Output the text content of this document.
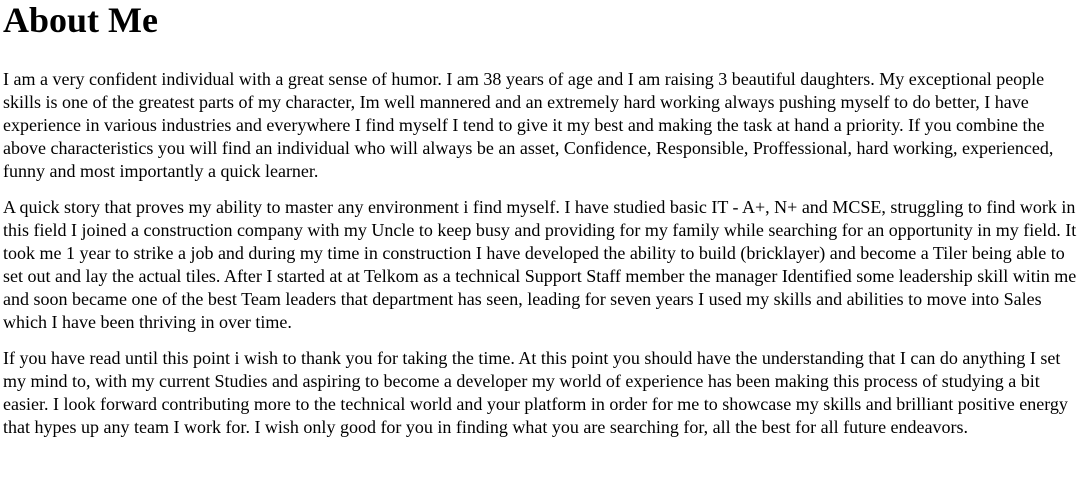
About Me

I am a very confident individual with a great sense of humor. I am 38 years of age and I am raising 3 beautiful daughters. My exceptional people skills is one of the greatest parts of my character, Im well mannered and an extremely hard working always pushing myself to do better, I have experience in various industries and everywhere I find myself I tend to give it my best and making the task at hand a priority. If you combine the above characteristics you will find an individual who will always be an asset, Confidence, Responsible, Proffessional, hard working, experienced, funny and most importantly a quick learner.

A quick story that proves my ability to master any environment i find myself. I have studied basic IT - A+, N+ and MCSE, struggling to find work in this field I joined a construction company with my Uncle to keep busy and providing for my family while searching for an opportunity in my field. It took me 1 year to strike a job and during my time in construction I have developed the ability to build (bricklayer) and become a Tiler being able to set out and lay the actual tiles. After I started at at Telkom as a technical Support Staff member the manager Identified some leadership skill witin me and soon became one of the best Team leaders that department has seen, leading for seven years I used my skills and abilities to move into Sales which I have been thriving in over time.

If you have read until this point i wish to thank you for taking the time. At this point you should have the understanding that I can do anything I set my mind to, with my current Studies and aspiring to become a developer my world of experience has been making this process of studying a bit easier. I look forward contributing more to the technical world and your platform in order for me to showcase my skills and brilliant positive energy that hypes up any team I work for. I wish only good for you in finding what you are searching for, all the best for all future endeavors.
